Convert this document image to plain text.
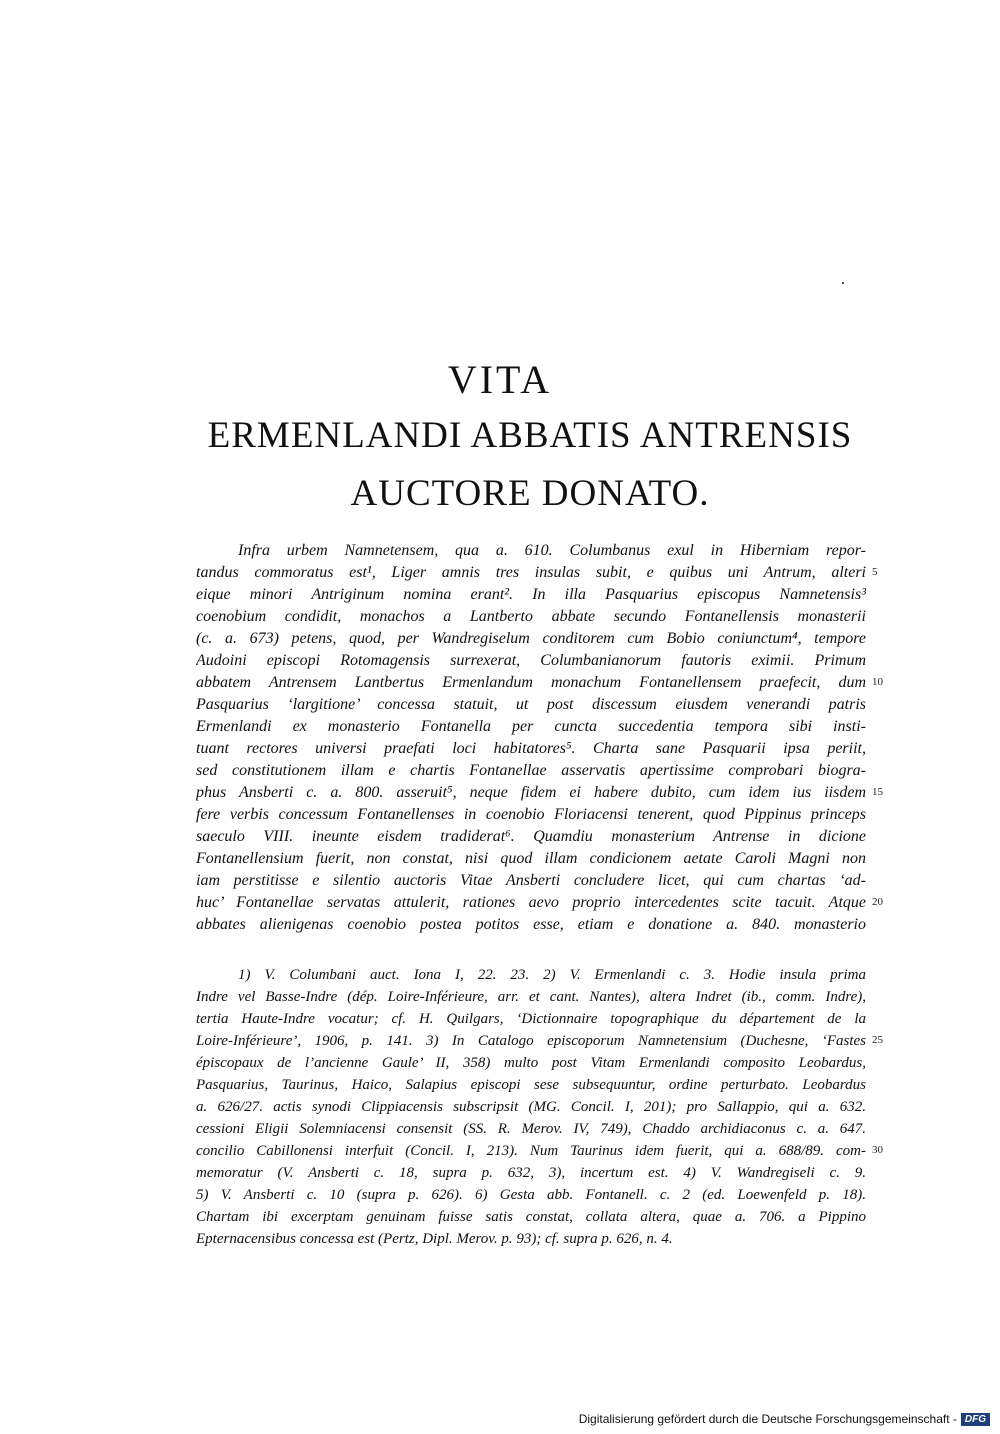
VITA
ERMENLANDI ABBATIS ANTRENSIS
AUCTORE DONATO.
Infra urbem Namnetensem, qua a. 610. Columbanus exul in Hiberniam repor-
tandus commoratus est¹, Liger amnis tres insulas subit, e quibus uni Antrum, alteri
eique minori Antriginum nomina erant². In illa Pasquarius episcopus Namnetensis³
coenobium condidit, monachos a Lantberto abbate secundo Fontanellensis monasterii
(c. a. 673) petens, quod, per Wandregiselum conditorem cum Bobio coniunctum⁴, tempore
Audoini episcopi Rotomagensis surrexerat, Columbanianorum fautoris eximii. Primum
abbatem Antrensem Lantbertus Ermenlandum monachum Fontanellensem praefecit, dum
Pasquarius ‘largitione’ concessa statuit, ut post discessum eiusdem venerandi patris
Ermenlandi ex monasterio Fontanella per cuncta succedentia tempora sibi insti-
tuant rectores universi praefati loci habitatores⁵. Charta sane Pasquarii ipsa periit,
sed constitutionem illam e chartis Fontanellae asservatis apertissime comprobari biogra-
phus Ansberti c. a. 800. asseruit⁵, neque fidem ei habere dubito, cum idem ius iisdem
fere verbis concessum Fontanellenses in coenobio Floriacensi tenerent, quod Pippinus princeps
saeculo VIII. ineunte eisdem tradiderat⁶. Quamdiu monasterium Antrense in dicione
Fontanellensium fuerit, non constat, nisi quod illam condicionem aetate Caroli Magni non
iam perstitisse e silentio auctoris Vitae Ansberti concludere licet, qui cum chartas ‘ad-
huc’ Fontanellae servatas attulerit, rationes aevo proprio intercedentes scite tacuit. Atque
abbates alienigenas coenobio postea potitos esse, etiam e donatione a. 840. monasterio
1) V. Columbani auct. Iona I, 22. 23. 2) V. Ermenlandi c. 3. Hodie insula prima
Indre vel Basse-Indre (dép. Loire-Inférieure, arr. et cant. Nantes), altera Indret (ib., comm. Indre),
tertia Haute-Indre vocatur; cf. H. Quilgars, ‘Dictionnaire topographique du département de la
Loire-Inférieure’, 1906, p. 141. 3) In Catalogo episcoporum Namnetensium (Duchesne, ‘Fastes
épiscopaux de l’ancienne Gaule’ II, 358) multo post Vitam Ermenlandi composito Leobardus,
Pasquarius, Taurinus, Haico, Salapius episcopi sese subsequuntur, ordine perturbato. Leobardus
a. 626/27. actis synodi Clippiacensis subscripsit (MG. Concil. I, 201); pro Sallappio, qui a. 632.
cessioni Eligii Solemniacensi consensit (SS. R. Merov. IV, 749), Chaddo archidiaconus c. a. 647.
concilio Cabillonensi interfuit (Concil. I, 213). Num Taurinus idem fuerit, qui a. 688/89. com-
memoratur (V. Ansberti c. 18, supra p. 632, 3), incertum est. 4) V. Wandregiseli c. 9.
5) V. Ansberti c. 10 (supra p. 626). 6) Gesta abb. Fontanell. c. 2 (ed. Loewenfeld p. 18).
Chartam ibi excerptam genuinam fuisse satis constat, collata altera, quae a. 706. a Pippino
Epternacensibus concessa est (Pertz, Dipl. Merov. p. 93); cf. supra p. 626, n. 4.
5
10
15
20
25
30
Digitalisierung gefördert durch die Deutsche Forschungsgemeinschaft - DFG
